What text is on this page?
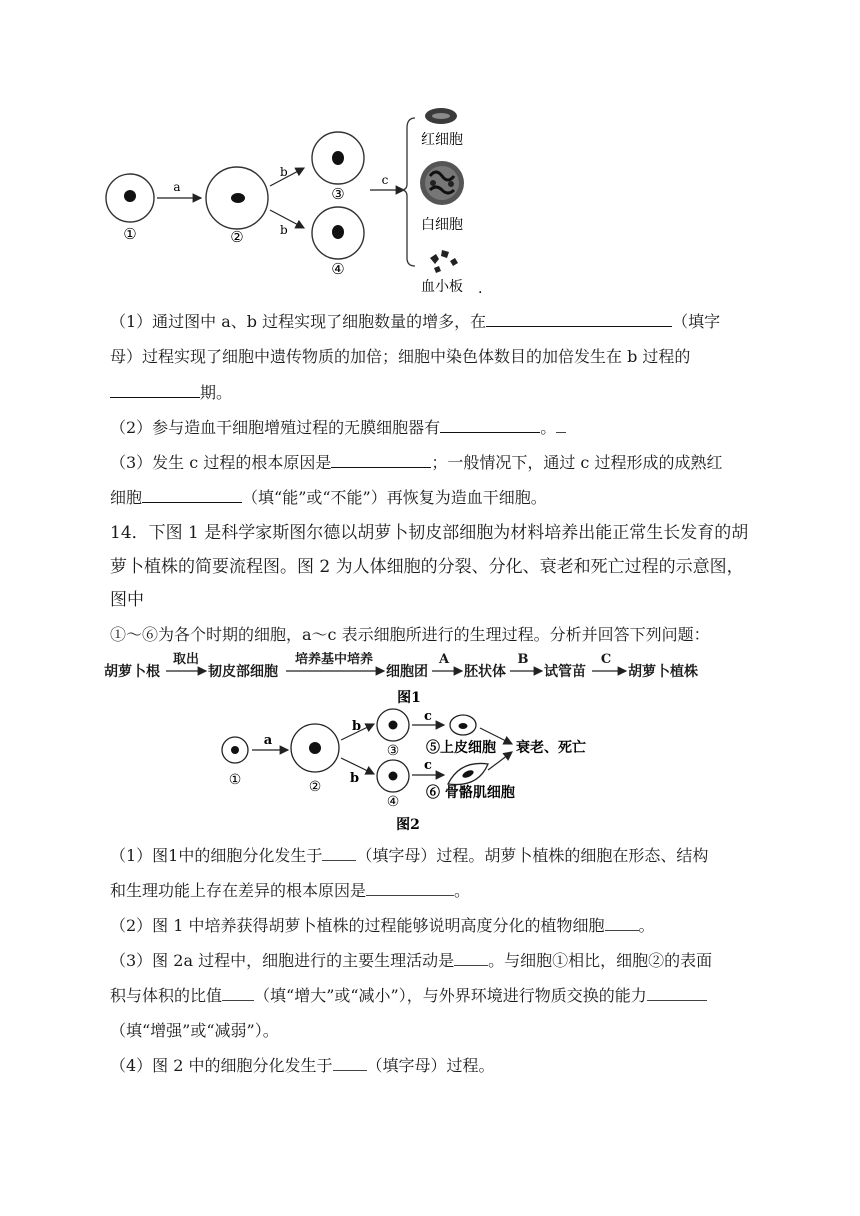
①
a
②
b
b
③
④
c
红细胞
白细胞
血小板 .
（1）通过图中 a、b 过程实现了细胞数量的增多，在	（填字
母）过程实现了细胞中遗传物质的加倍；细胞中染色体数目的加倍发生在 b 过程的
期。
（2）参与造血干细胞增殖过程的无膜细胞器有	。
（3）发生 c 过程的根本原因是	；一般情况下，通过 c 过程形成的成熟红
细胞	（填“能”或“不能”）再恢复为造血干细胞。
14．下图 1 是科学家斯图尔德以胡萝卜韧皮部细胞为材料培养出能正常生长发育的胡
萝卜植株的简要流程图。图 2 为人体细胞的分裂、分化、衰老和死亡过程的示意图，
图中
①～⑥为各个时期的细胞，a～c 表示细胞所进行的生理过程。分析并回答下列问题：
胡萝卜根	韧皮部细胞	细胞团	胚状体	试管苗	胡萝卜植株
取出	培养基中培养	A	B	C
图1
①
a
②
b
b
③
④
c
c
⑤上皮细胞
⑥ 骨骼肌细胞
衰老、死亡
图2
（1）图1中的细胞分化发生于 （填字母）过程。胡萝卜植株的细胞在形态、结构
和生理功能上存在差异的根本原因是	。
（2）图 1 中培养获得胡萝卜植株的过程能够说明高度分化的植物细胞 。
（3）图 2a 过程中，细胞进行的主要生理活动是 。与细胞①相比，细胞②的表面
积与体积的比值 （填“增大”或“减小”），与外界环境进行物质交换的能力
（填“增强”或“减弱”）。
（4）图 2 中的细胞分化发生于 （填字母）过程。
